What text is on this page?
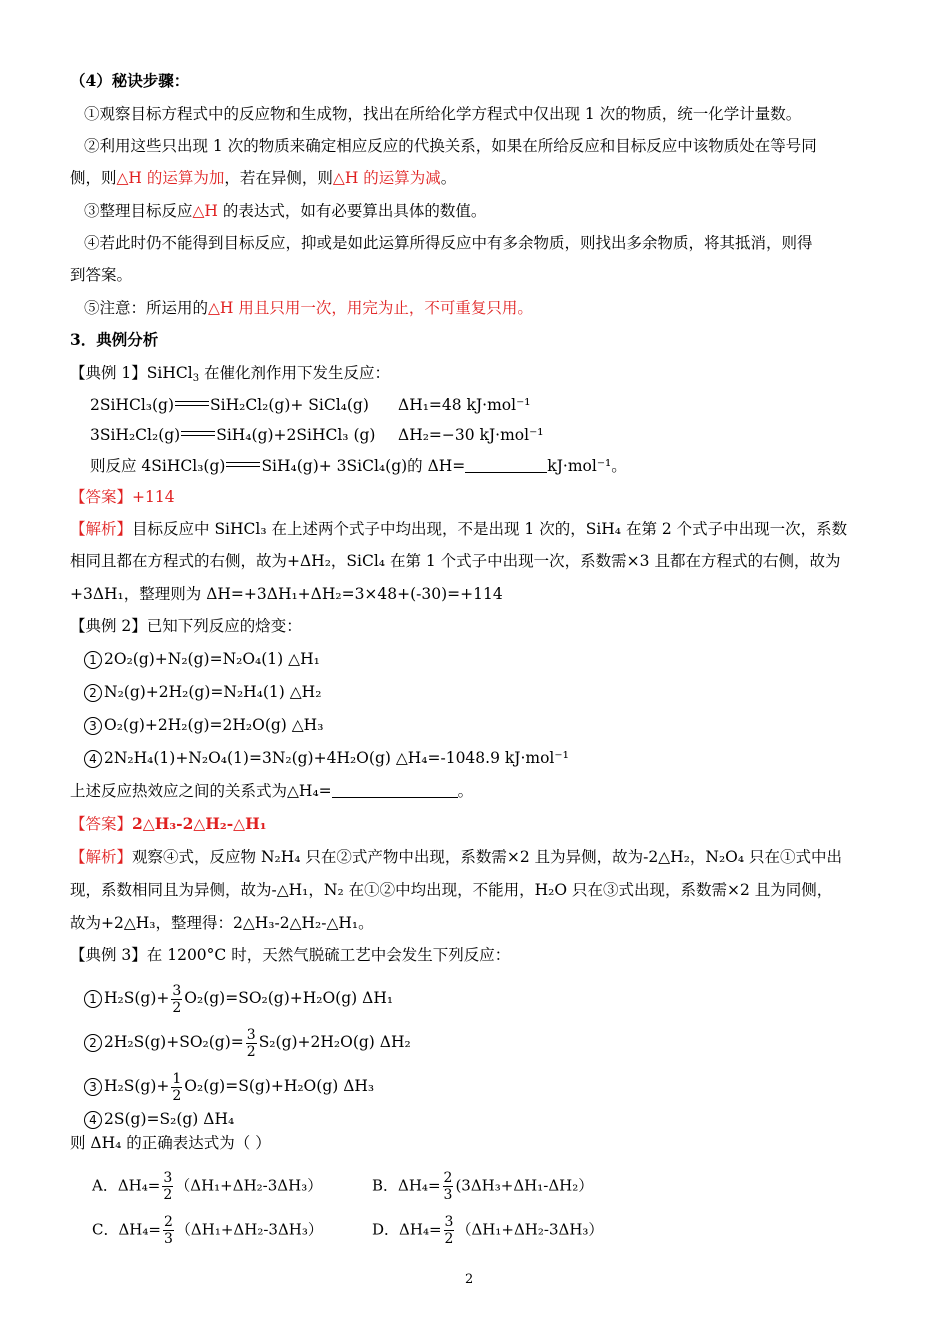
（4）秘诀步骤：
①观察目标方程式中的反应物和生成物，找出在所给化学方程式中仅出现 1 次的物质，统一化学计量数。
②利用这些只出现 1 次的物质来确定相应反应的代换关系，如果在所给反应和目标反应中该物质处在等号同
侧，则△H 的运算为加，若在异侧，则△H 的运算为减。
③整理目标反应△H 的表达式，如有必要算出具体的数值。
④若此时仍不能得到目标反应，抑或是如此运算所得反应中有多余物质，则找出多余物质，将其抵消，则得
到答案。
⑤注意：所运用的△H 用且只用一次，用完为止，不可重复只用。
3．典例分析
【典例 1】SiHCl$_3$ 在催化剂作用下发生反应：
2SiHCl₃(g) SiH₂Cl₂(g)+ SiCl₄(g) ΔH₁=48 kJ·mol⁻¹
3SiH₂Cl₂(g) SiH₄(g)+2SiHCl₃ (g) ΔH₂=−30 kJ·mol⁻¹
则反应 4SiHCl₃(g) SiH₄(g)+ 3SiCl₄(g)的 ΔH=	kJ·mol⁻¹。
【答案】+114
【解析】目标反应中 SiHCl₃ 在上述两个式子中均出现，不是出现 1 次的，SiH₄ 在第 2 个式子中出现一次，系数
相同且都在方程式的右侧，故为+ΔH₂，SiCl₄ 在第 1 个式子中出现一次，系数需×3 且都在方程式的右侧，故为
+3ΔH₁，整理则为 ΔH=+3ΔH₁+ΔH₂=3×48+(-30)=+114
【典例 2】已知下列反应的焓变：
1 2O₂(g)+N₂(g)=N₂O₄(1) △H₁
2 N₂(g)+2H₂(g)=N₂H₄(1) △H₂
3 O₂(g)+2H₂(g)=2H₂O(g) △H₃
4 2N₂H₄(1)+N₂O₄(1)=3N₂(g)+4H₂O(g) △H₄=-1048.9 kJ·mol⁻¹
上述反应热效应之间的关系式为△H₄=	。
【答案】2△H₃-2△H₂-△H₁
【解析】观察④式，反应物 N₂H₄ 只在②式产物中出现，系数需×2 且为异侧，故为-2△H₂，N₂O₄ 只在①式中出
现，系数相同且为异侧，故为-△H₁，N₂ 在①②中均出现，不能用，H₂O 只在③式出现，系数需×2 且为同侧，
故为+2△H₃，整理得：2△H₃-2△H₂-△H₁。
【典例 3】在 1200°C 时，天然气脱硫工艺中会发生下列反应：
1 $H_2S(g)+ \frac{3}{2} O_2(g)=SO_2(g)+H_2O(g)$ ΔH₁
2 $2H_2S(g)+SO_2(g)= \frac{3}{2} S_2(g)+2H_2O(g)$ ΔH₂
3 $H_2S(g)+ \frac{1}{2} O_2(g)=S(g)+H_2O(g)$ ΔH₃
4 2S(g)=S₂(g) ΔH₄
则 ΔH₄ 的正确表达式为（ ）
A．$\Delta H_4= \frac{3}{2} (\Delta H_1+\Delta H_2-3\Delta H_3)$	B．$\Delta H_4= \frac{2}{3} (3\Delta H_3+\Delta H_1-\Delta H_2)$
C．$\Delta H_4= \frac{2}{3} (\Delta H_1+\Delta H_2-3\Delta H_3)$	D．$\Delta H_4= \frac{3}{2} (\Delta H_1+\Delta H_2-3\Delta H_3)$
2
